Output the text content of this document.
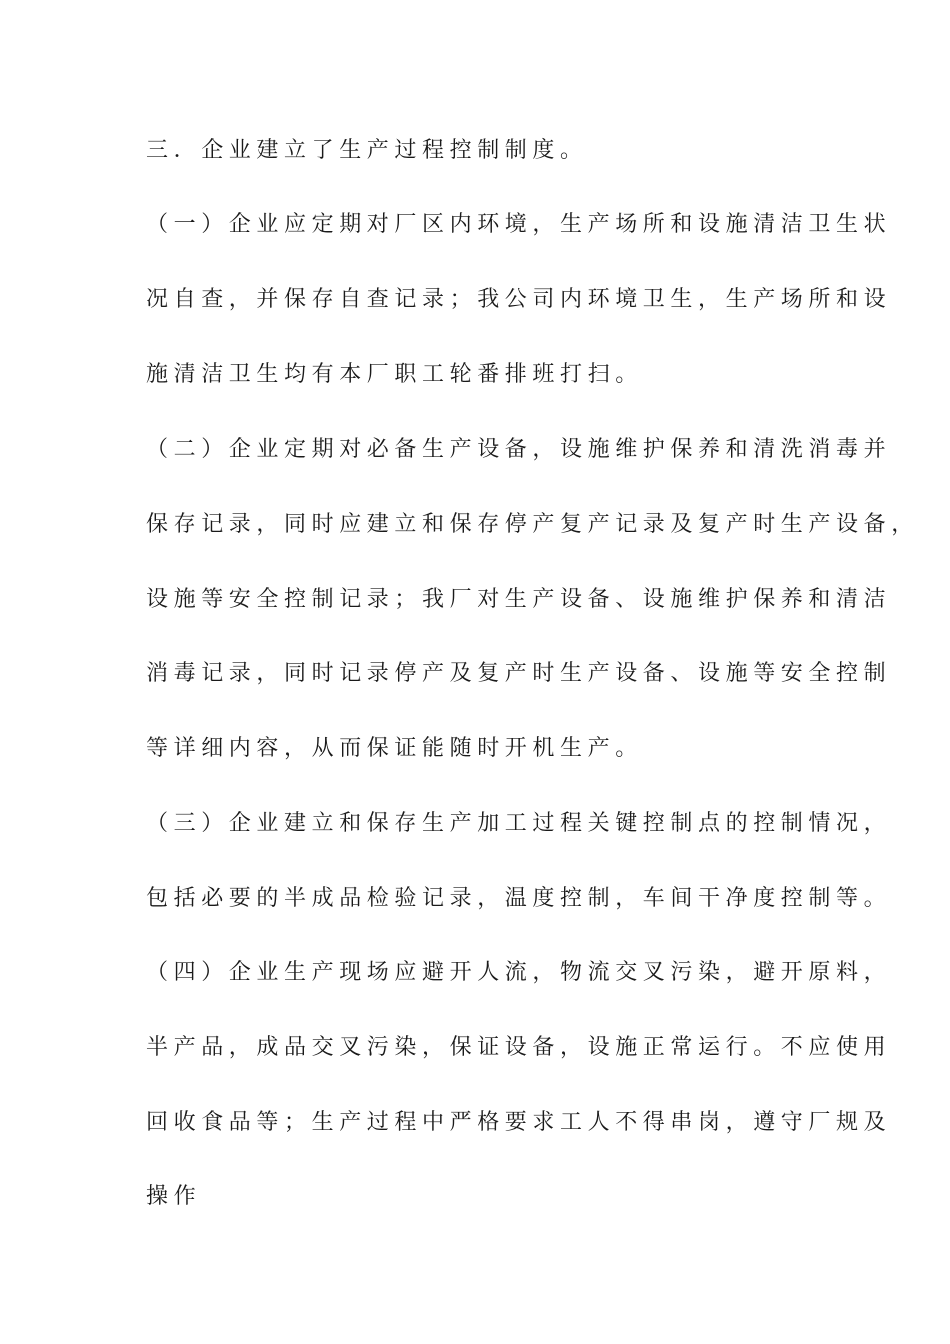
三．企业建立了生产过程控制制度。
（一）企业应定期对厂区内环境，生产场所和设施清洁卫生状
况自查，并保存自查记录；我公司内环境卫生，生产场所和设
施清洁卫生均有本厂职工轮番排班打扫。
（二）企业定期对必备生产设备，设施维护保养和清洗消毒并
保存记录，同时应建立和保存停产复产记录及复产时生产设备，
设施等安全控制记录；我厂对生产设备、设施维护保养和清洁
消毒记录，同时记录停产及复产时生产设备、设施等安全控制
等详细内容，从而保证能随时开机生产。
（三）企业建立和保存生产加工过程关键控制点的控制情况，
包括必要的半成品检验记录，温度控制，车间干净度控制等。
（四）企业生产现场应避开人流，物流交叉污染，避开原料，
半产品，成品交叉污染，保证设备，设施正常运行。不应使用
回收食品等；生产过程中严格要求工人不得串岗，遵守厂规及
操作
